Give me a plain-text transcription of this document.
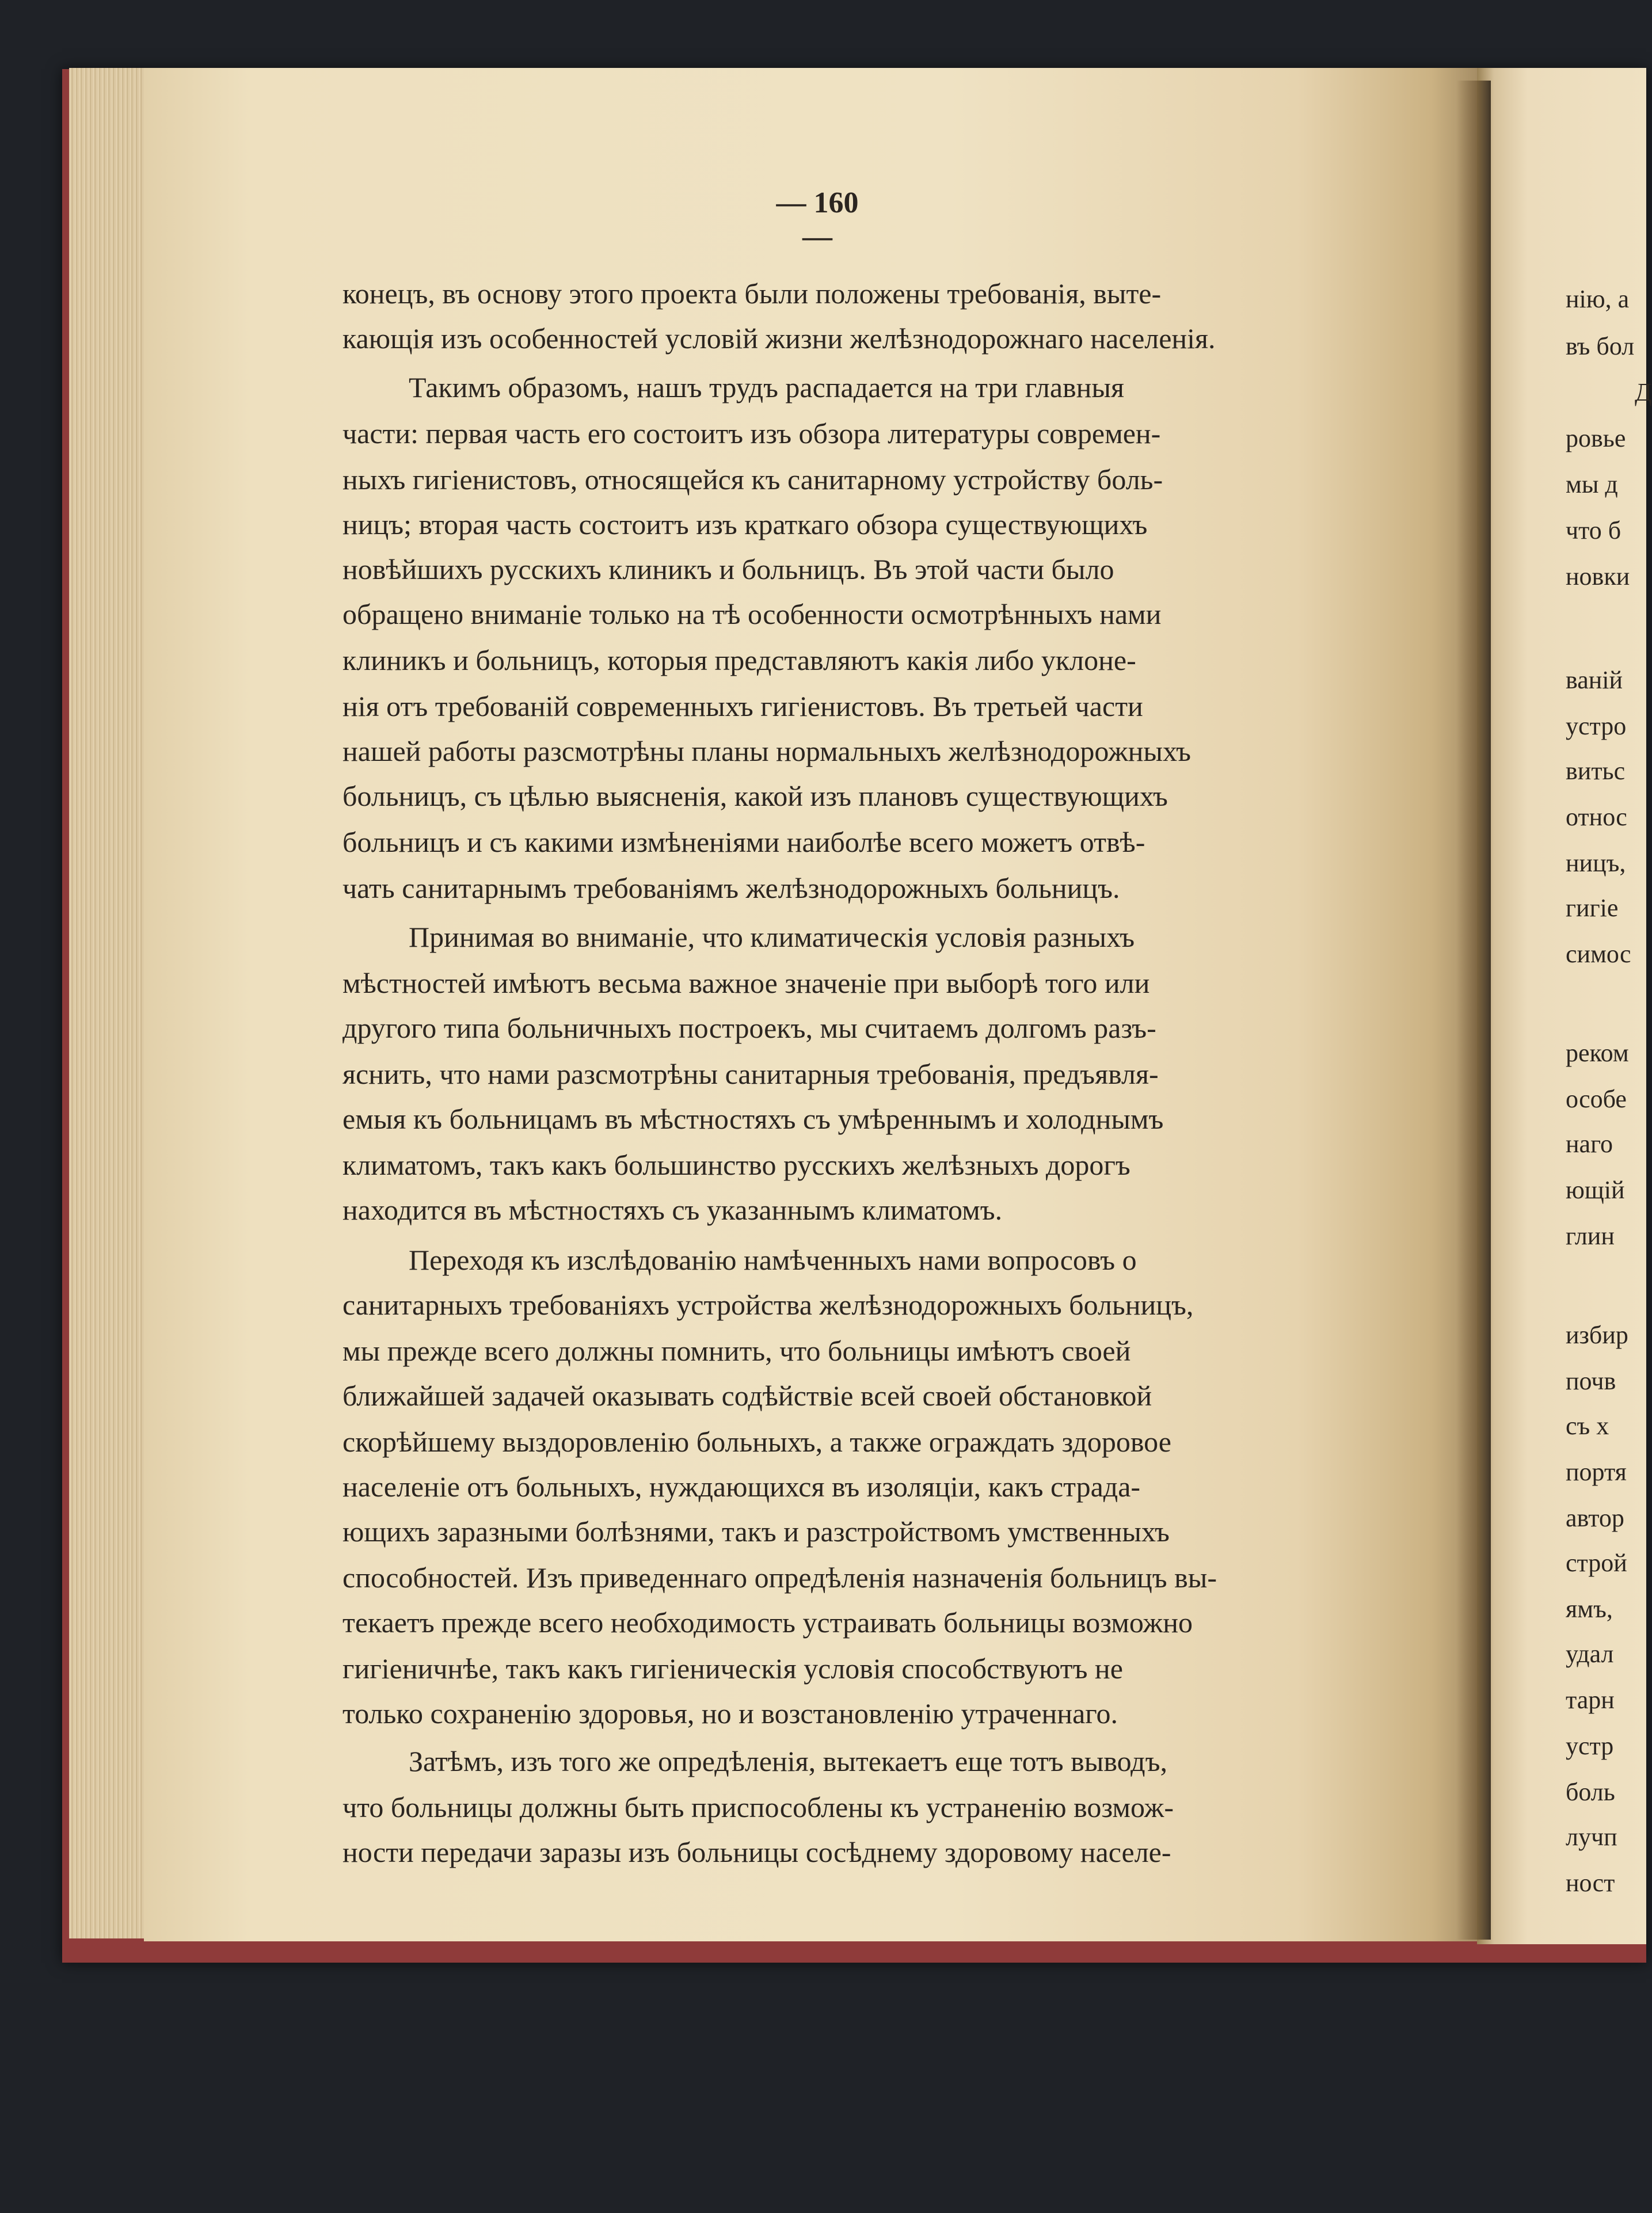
— 160 —
конецъ, въ основу этого проекта были положены требованія, выте-
кающія изъ особенностей условій жизни желѣзнодорожнаго населенія.
Такимъ образомъ, нашъ трудъ распадается на три главныя
части: первая часть его состоитъ изъ обзора литературы современ-
ныхъ гигіенистовъ, относящейся къ санитарному устройству боль-
ницъ; вторая часть состоитъ изъ краткаго обзора существующихъ
новѣйшихъ русскихъ клиникъ и больницъ. Въ этой части было
обращено вниманіе только на тѣ особенности осмотрѣнныхъ нами
клиникъ и больницъ, которыя представляютъ какія либо уклоне-
нія отъ требованій современныхъ гигіенистовъ. Въ третьей части
нашей работы разсмотрѣны планы нормальныхъ желѣзнодорожныхъ
больницъ, съ цѣлью выясненія, какой изъ плановъ существующихъ
больницъ и съ какими измѣненіями наиболѣе всего можетъ отвѣ-
чать санитарнымъ требованіямъ желѣзнодорожныхъ больницъ.
Принимая во вниманіе, что климатическія условія разныхъ
мѣстностей имѣютъ весьма важное значеніе при выборѣ того или
другого типа больничныхъ построекъ, мы считаемъ долгомъ разъ-
яснить, что нами разсмотрѣны санитарныя требованія, предъявля-
емыя къ больницамъ въ мѣстностяхъ съ умѣреннымъ и холоднымъ
климатомъ, такъ какъ большинство русскихъ желѣзныхъ дорогъ
находится въ мѣстностяхъ съ указаннымъ климатомъ.
Переходя къ изслѣдованію намѣченныхъ нами вопросовъ о
санитарныхъ требованіяхъ устройства желѣзнодорожныхъ больницъ,
мы прежде всего должны помнить, что больницы имѣютъ своей
ближайшей задачей оказывать содѣйствіе всей своей обстановкой
скорѣйшему выздоровленію больныхъ, а также ограждать здоровое
населеніе отъ больныхъ, нуждающихся въ изоляціи, какъ страда-
ющихъ заразными болѣзнями, такъ и разстройствомъ умственныхъ
способностей. Изъ приведеннаго опредѣленія назначенія больницъ вы-
текаетъ прежде всего необходимость устраивать больницы возможно
гигіеничнѣе, такъ какъ гигіеническія условія способствуютъ не
только сохраненію здоровья, но и возстановленію утраченнаго.
Затѣмъ, изъ того же опредѣленія, вытекаетъ еще тотъ выводъ,
что больницы должны быть приспособлены къ устраненію возмож-
ности передачи заразы изъ больницы сосѣднему здоровому населе-
нію, а
въ бол
Д
ровье
мы д
что б
новки
ваній
устро
витьс
относ
ницъ,
гигіе
симос
реком
особе
наго
ющій
глин
избир
почв
съ х
портя
автор
строй
ямъ,
удал
тарн
устр
боль
лучп
ност
